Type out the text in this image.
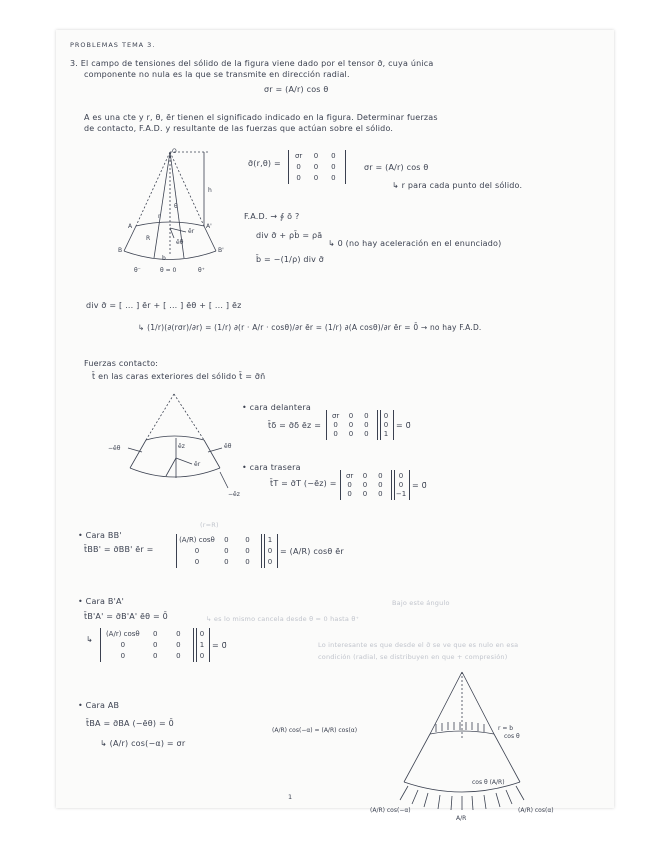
PROBLEMAS TEMA 3.
3. El campo de tensiones del sólido de la figura viene dado por el tensor σ̄, cuya única
componente no nula es la que se transmite en dirección radial.
σr = (A/r) cos θ
A es una cte y r, θ, ēr tienen el significado indicado en la figura. Determinar fuerzas
de contacto, F.A.D. y resultante de las fuerzas que actúan sobre el sólido.
O
h
A	A'
B	B'
R
r
ēr
ēθ
θ
b
θ⁻	θ = 0	θ⁺
σ̄(r,θ) =
σr	0	0
0	0	0
0	0	0
σr = (A/r) cos θ
↳ r para cada punto del sólido.
F.A.D. → ∮ ō ?
div σ̄ + ρb̄ = ρā
↳ 0 (no hay aceleración en el enunciado)
b̄ = −(1/ρ) div σ̄
div σ̄ = [ ... ] ēr + [ ... ] ēθ + [ ... ] ēz
↳ (1/r)(∂(rσr)/∂r) = (1/r) ∂(r · A/r · cosθ)/∂r ēr = (1/r) ∂(A cosθ)/∂r ēr = 0̄ → no hay F.A.D.
Fuerzas contacto:
t̄ en las caras exteriores del sólido t̄ = σ̄n̄
−ēθ	ēθ
ēz
ēr
−ēz
• cara delantera
t̄δ = σ̄δ ēz =
σr	0	0
0	0	0
0	0	0
0
0
1
= 0̄
• cara trasera
t̄T = σ̄T (−ēz) =
σr	0	0
0	0	0
0	0	0
0
0
−1
= 0̄
• Cara BB'
(r=R)
t̄BB' = σ̄BB' ēr =
(A/R) cosθ	0	0
0	0	0
0	0	0
1
0
0
= (A/R) cosθ ēr
• Cara B'A'
t̄B'A' = σ̄B'A' ēθ = 0̄	↳ es lo mismo cancela desde θ = 0 hasta θ⁺
Bajo este ángulo
↳
(A/r) cosθ	0	0
0	0	0
0	0	0
0
1
0
= 0̄	Lo interesante es que desde el σ̄ se ve que es nulo en esa
condición (radial, se distribuyen en que + compresión)
• Cara AB
t̄BA = σ̄BA (−ēθ) = 0̄
↳ (A/r) cos(−α) = σr
(A/R) cos(−α) = (A/R) cos(α)	r = b
cos θ
cos θ (A/R)
(A/R) cos(−α)
A/R
(A/R) cos(α)
1
